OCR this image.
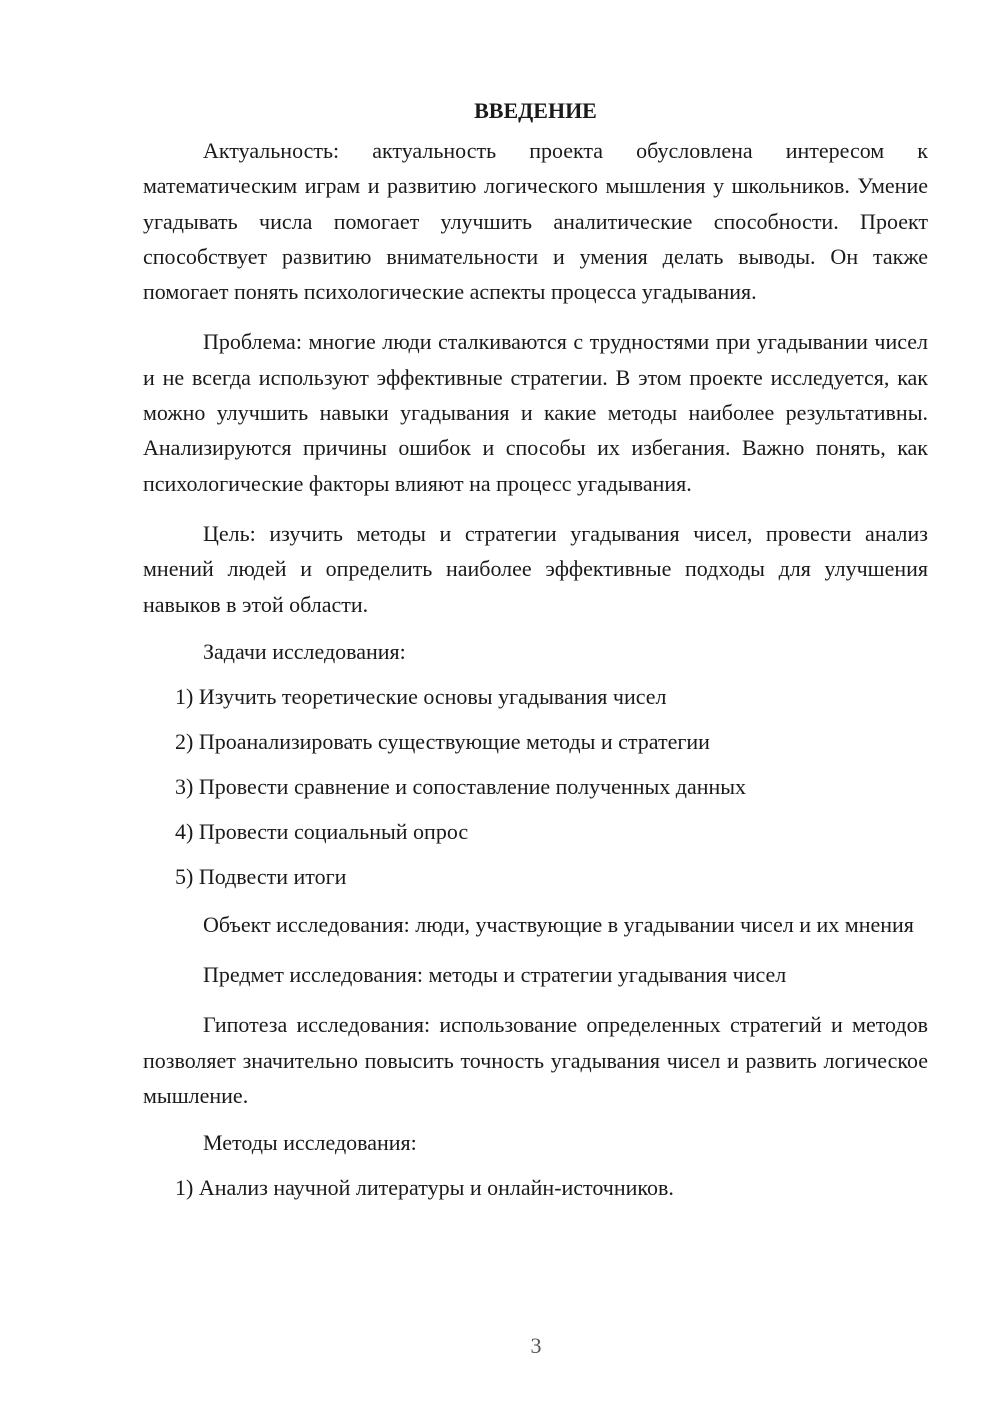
ВВЕДЕНИЕ

Актуальность: актуальность проекта обусловлена интересом к математическим играм и развитию логического мышления у школьников. Умение угадывать числа помогает улучшить аналитические способности. Проект способствует развитию внимательности и умения делать выводы. Он также помогает понять психологические аспекты процесса угадывания.

Проблема: многие люди сталкиваются с трудностями при угадывании чисел и не всегда используют эффективные стратегии. В этом проекте исследуется, как можно улучшить навыки угадывания и какие методы наиболее результативны. Анализируются причины ошибок и способы их избегания. Важно понять, как психологические факторы влияют на процесс угадывания.

Цель: изучить методы и стратегии угадывания чисел, провести анализ мнений людей и определить наиболее эффективные подходы для улучшения навыков в этой области.

Задачи исследования:

1) Изучить теоретические основы угадывания чисел

2) Проанализировать существующие методы и стратегии

3) Провести сравнение и сопоставление полученных данных

4) Провести социальный опрос

5) Подвести итоги

Объект исследования: люди, участвующие в угадывании чисел и их мнения

Предмет исследования: методы и стратегии угадывания чисел

Гипотеза исследования: использование определенных стратегий и методов позволяет значительно повысить точность угадывания чисел и развить логическое мышление.

Методы исследования:

1) Анализ научной литературы и онлайн-источников.

3
